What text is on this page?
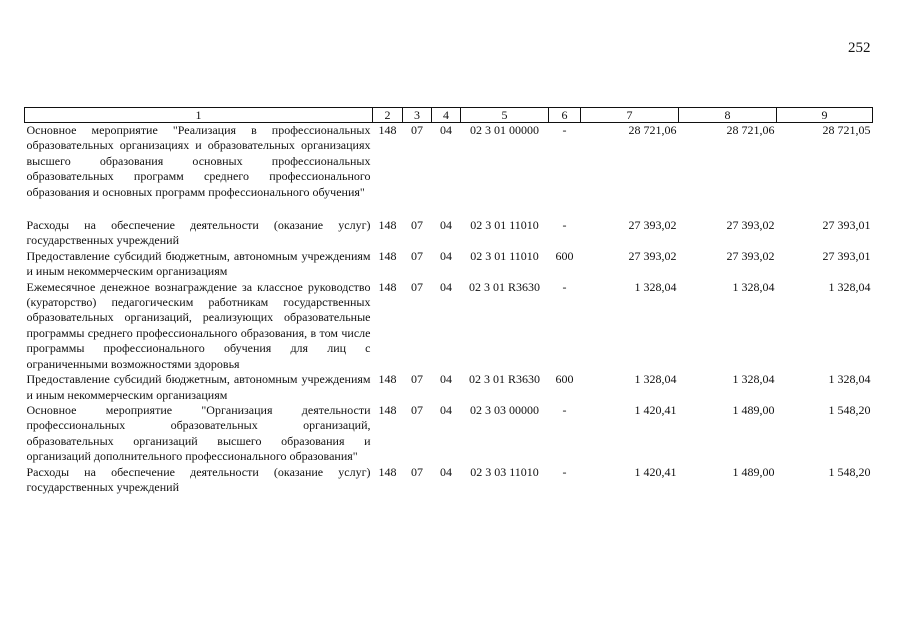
252
1	2	3	4	5	6	7	8	9
Основное мероприятие "Реализация в профессиональных образовательных организациях и образовательных организациях высшего образования основных профессиональных образовательных программ среднего профессионального образования и основных программ профессионального обучения"	148	07	04	02 3 01 00000	-	28 721,06	28 721,06	28 721,05

Расходы на обеспечение деятельности (оказание услуг) государственных учреждений	148	07	04	02 3 01 11010	-	27 393,02	27 393,02	27 393,01
Предоставление субсидий бюджетным, автономным учреждениям и иным некоммерческим организациям	148	07	04	02 3 01 11010	600	27 393,02	27 393,02	27 393,01
Ежемесячное денежное вознаграждение за классное руководство (кураторство) педагогическим работникам государственных образовательных организаций, реализующих образовательные программы среднего профессионального образования, в том числе программы профессионального обучения для лиц с ограниченными возможностями здоровья	148	07	04	02 3 01 R3630	-	1 328,04	1 328,04	1 328,04
Предоставление субсидий бюджетным, автономным учреждениям и иным некоммерческим организациям	148	07	04	02 3 01 R3630	600	1 328,04	1 328,04	1 328,04
Основное мероприятие "Организация деятельности профессиональных образовательных организаций, образовательных организаций высшего образования и организаций дополнительного профессионального образования"	148	07	04	02 3 03 00000	-	1 420,41	1 489,00	1 548,20
Расходы на обеспечение деятельности (оказание услуг) государственных учреждений	148	07	04	02 3 03 11010	-	1 420,41	1 489,00	1 548,20
